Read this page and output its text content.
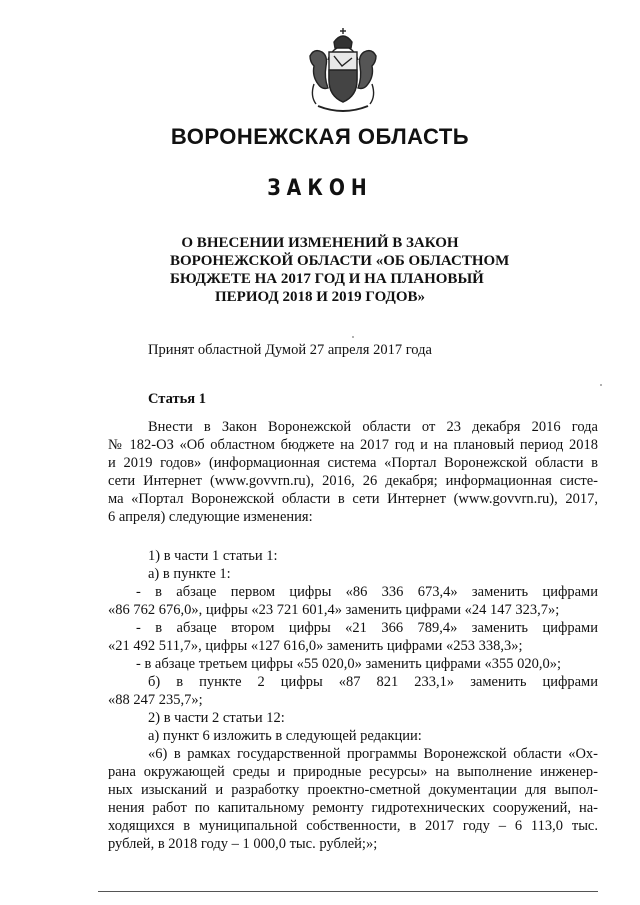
ВОРОНЕЖСКАЯ ОБЛАСТЬ
ЗАКОН
О ВНЕСЕНИИ ИЗМЕНЕНИЙ В ЗАКОН
ВОРОНЕЖСКОЙ ОБЛАСТИ «ОБ ОБЛАСТНОМ
БЮДЖЕТЕ НА 2017 ГОД И НА ПЛАНОВЫЙ
ПЕРИОД 2018 И 2019 ГОДОВ»
Принят областной Думой 27 апреля 2017 года
Статья 1
Внести в Закон Воронежской области от 23 декабря 2016 года
№ 182-ОЗ «Об областном бюджете на 2017 год и на плановый период 2018
и 2019 годов» (информационная система «Портал Воронежской области в
сети Интернет (www.govvrn.ru), 2016, 26 декабря; информационная систе-
ма «Портал Воронежской области в сети Интернет (www.govvrn.ru), 2017,
6 апреля) следующие изменения:
1) в части 1 статьи 1:
а) в пункте 1:
- в абзаце первом цифры «86 336 673,4» заменить цифрами
«86 762 676,0», цифры «23 721 601,4» заменить цифрами «24 147 323,7»;
- в абзаце втором цифры «21 366 789,4» заменить цифрами
«21 492 511,7», цифры «127 616,0» заменить цифрами «253 338,3»;
- в абзаце третьем цифры «55 020,0» заменить цифрами «355 020,0»;
б) в пункте 2 цифры «87 821 233,1» заменить цифрами
«88 247 235,7»;
2) в части 2 статьи 12:
а) пункт 6 изложить в следующей редакции:
«6) в рамках государственной программы Воронежской области «Ох-
рана окружающей среды и природные ресурсы» на выполнение инженер-
ных изысканий и разработку проектно-сметной документации для выпол-
нения работ по капитальному ремонту гидротехнических сооружений, на-
ходящихся в муниципальной собственности, в 2017 году – 6 113,0 тыс.
рублей, в 2018 году – 1 000,0 тыс. рублей;»;
